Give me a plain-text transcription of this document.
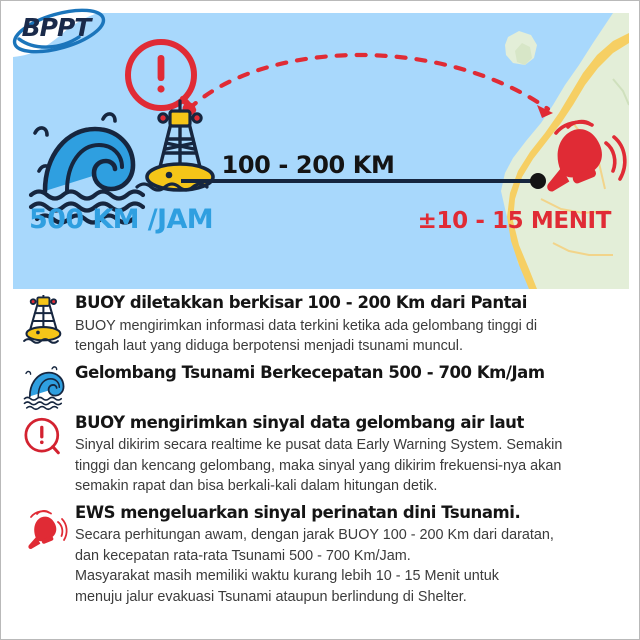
500 KM /JAM
100 - 200 KM
±10 - 15 MENIT
BPPT

BUOY diletakkan berkisar 100 - 200 Km dari Pantai

BUOY mengirimkan informasi data terkini ketika ada gelombang tinggi di
tengah laut yang diduga berpotensi menjadi tsunami muncul.

Gelombang Tsunami Berkecepatan 500 - 700 Km/Jam

BUOY mengirimkan sinyal data gelombang air laut

Sinyal dikirim secara realtime ke pusat data Early Warning System. Semakin
tinggi dan kencang gelombang, maka sinyal yang dikirim frekuensi-nya akan
semakin rapat dan bisa berkali-kali dalam hitungan detik.

EWS mengeluarkan sinyal perinatan dini Tsunami.

Secara perhitungan awam, dengan jarak BUOY 100 - 200 Km dari daratan,
dan kecepatan rata-rata Tsunami 500 - 700 Km/Jam.
Masyarakat masih memiliki waktu kurang lebih 10 - 15 Menit untuk
menuju jalur evakuasi Tsunami ataupun berlindung di Shelter.
